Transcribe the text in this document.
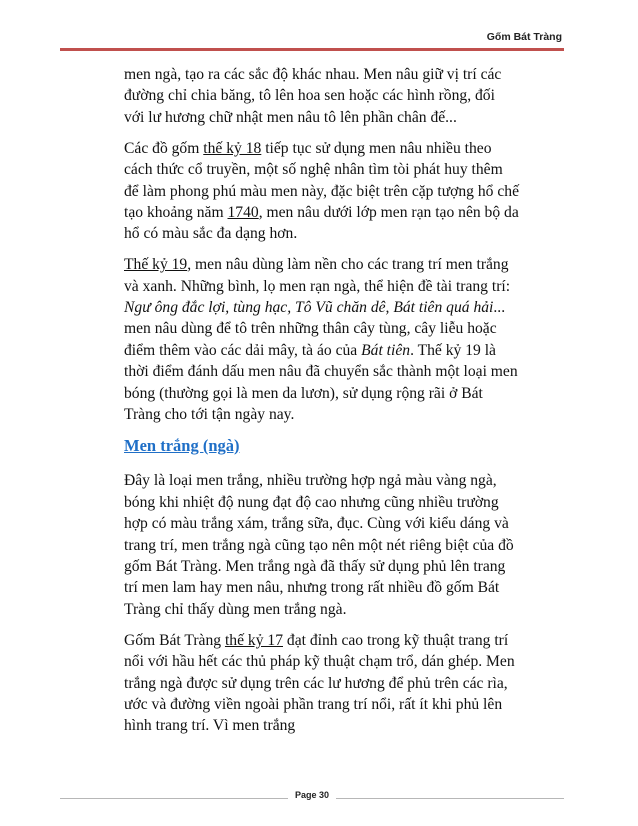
Gốm Bát Tràng

men ngà, tạo ra các sắc độ khác nhau. Men nâu giữ vị trí các đường chỉ chia băng, tô lên hoa sen hoặc các hình rồng, đối với lư hương chữ nhật men nâu tô lên phần chân đế...

Các đồ gốm thế kỷ 18 tiếp tục sử dụng men nâu nhiều theo cách thức cổ truyền, một số nghệ nhân tìm tòi phát huy thêm để làm phong phú màu men này, đặc biệt trên cặp tượng hổ chế tạo khoảng năm 1740, men nâu dưới lớp men rạn tạo nên bộ da hổ có màu sắc đa dạng hơn.

Thế kỷ 19, men nâu dùng làm nền cho các trang trí men trắng và xanh. Những bình, lọ men rạn ngà, thể hiện đề tài trang trí: Ngư ông đắc lợi, tùng hạc, Tô Vũ chăn dê, Bát tiên quá hải... men nâu dùng để tô trên những thân cây tùng, cây liễu hoặc điểm thêm vào các dải mây, tà áo của Bát tiên. Thế kỷ 19 là thời điểm đánh dấu men nâu đã chuyển sắc thành một loại men bóng (thường gọi là men da lươn), sử dụng rộng rãi ở Bát Tràng cho tới tận ngày nay.

Men trắng (ngà)

Đây là loại men trắng, nhiều trường hợp ngả màu vàng ngà, bóng khi nhiệt độ nung đạt độ cao nhưng cũng nhiều trường hợp có màu trắng xám, trắng sữa, đục. Cùng với kiểu dáng và trang trí, men trắng ngà cũng tạo nên một nét riêng biệt của đồ gốm Bát Tràng. Men trắng ngà đã thấy sử dụng phủ lên trang trí men lam hay men nâu, nhưng trong rất nhiều đồ gốm Bát Tràng chỉ thấy dùng men trắng ngà.

Gốm Bát Tràng thế kỷ 17 đạt đỉnh cao trong kỹ thuật trang trí nổi với hầu hết các thủ pháp kỹ thuật chạm trổ, dán ghép. Men trắng ngà được sử dụng trên các lư hương để phủ trên các rìa, ước và đường viền ngoài phần trang trí nổi, rất ít khi phủ lên hình trang trí. Vì men trắng

Page 30
